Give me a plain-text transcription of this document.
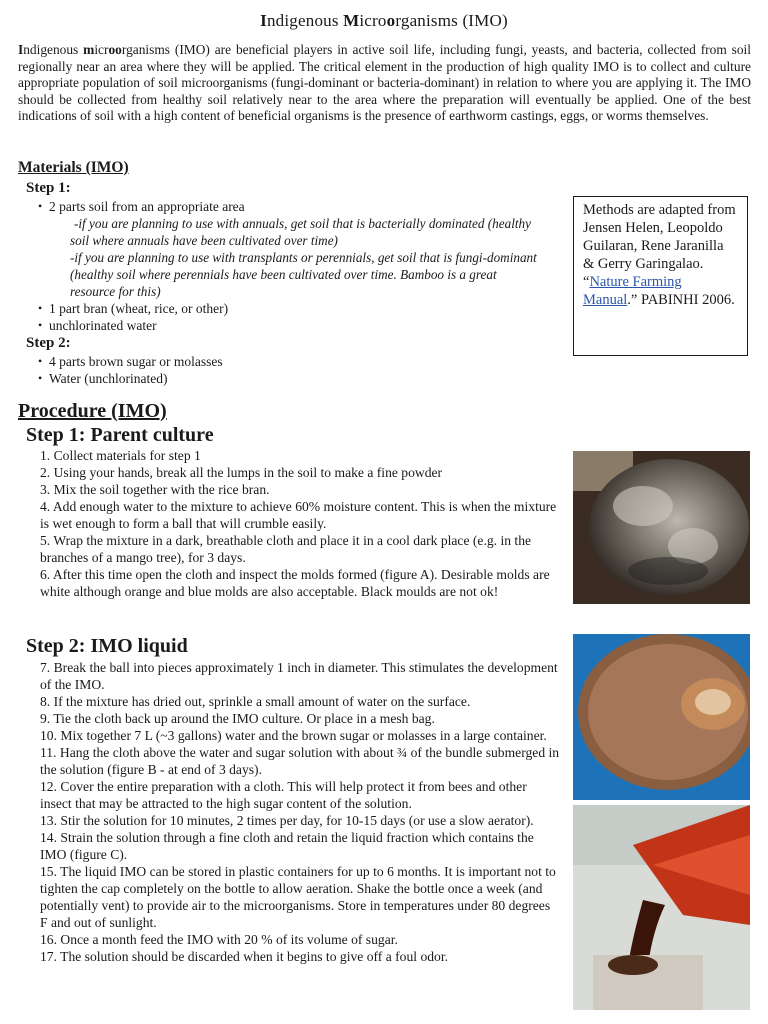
Indigenous Microorganisms (IMO)
Indigenous microorganisms (IMO) are beneficial players in active soil life, including fungi, yeasts, and bacteria, collected from soil regionally near an area where they will be applied. The critical element in the production of high quality IMO is to collect and culture appropriate population of soil microorganisms (fungi-dominant or bacteria-dominant) in relation to where you are applying it. The IMO should be collected from healthy soil relatively near to the area where the preparation will eventually be applied. One of the best indications of soil with a high content of beneficial organisms is the presence of earthworm castings, eggs, or worms themselves.
Materials (IMO)
Step 1:
• 2 parts soil from an appropriate area
-if you are planning to use with annuals, get soil that is bacterially dominated (healthy soil where annuals have been cultivated over time)
-if you are planning to use with transplants or perennials, get soil that is fungi-dominant (healthy soil where perennials have been cultivated over time. Bamboo is a great resource for this)
• 1 part bran (wheat, rice, or other)
• unchlorinated water
Step 2:
• 4 parts brown sugar or molasses
• Water (unchlorinated)
Methods are adapted from Jensen Helen, Leopoldo Guilaran, Rene Jaranilla & Gerry Garingalao. “Nature Farming Manual.” PABINHI 2006.
Procedure (IMO)
Step 1: Parent culture
1. Collect materials for step 1
2. Using your hands, break all the lumps in the soil to make a fine powder
3. Mix the soil together with the rice bran.
4. Add enough water to the mixture to achieve 60% moisture content. This is when the mixture is wet enough to form a ball that will crumble easily.
5. Wrap the mixture in a dark, breathable cloth and place it in a cool dark place (e.g. in the branches of a mango tree), for 3 days.
6. After this time open the cloth and inspect the molds formed (figure A). Desirable molds are white although orange and blue molds are also acceptable. Black moulds are not ok!
Step 2: IMO liquid
7. Break the ball into pieces approximately 1 inch in diameter. This stimulates the development of the IMO.
8. If the mixture has dried out, sprinkle a small amount of water on the surface.
9. Tie the cloth back up around the IMO culture. Or place in a mesh bag.
10. Mix together 7 L (~3 gallons) water and the brown sugar or molasses in a large container.
11. Hang the cloth above the water and sugar solution with about ¾ of the bundle submerged in the solution (figure B - at end of 3 days).
12. Cover the entire preparation with a cloth. This will help protect it from bees and other insect that may be attracted to the high sugar content of the solution.
13. Stir the solution for 10 minutes, 2 times per day, for 10-15 days (or use a slow aerator).
14. Strain the solution through a fine cloth and retain the liquid fraction which contains the IMO (figure C).
15. The liquid IMO can be stored in plastic containers for up to 6 months. It is important not to tighten the cap completely on the bottle to allow aeration. Shake the bottle once a week (and potentially vent) to provide air to the microorganisms. Store in temperatures under 80 degrees F and out of sunlight.
16. Once a month feed the IMO with 20 % of its volume of sugar.
17. The solution should be discarded when it begins to give off a foul odor.
